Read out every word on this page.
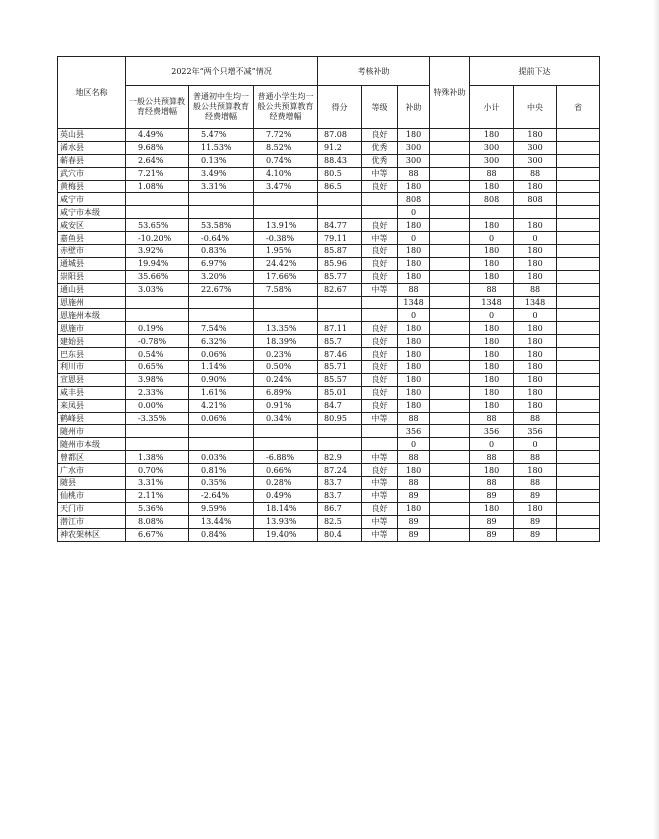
地区名称	2022年“两个只增不减”情况			考核补助			特殊补助	提前下达		
	一般公共预算教育经费增幅	普通初中生均一般公共预算教育经费增幅	普通小学生均一般公共预算教育经费增幅	得分	等级	补助		小计	中央	省
英山县	4.49%	5.47%	7.72%	87.08	良好	180		180	180	
浠水县	9.68%	11.53%	8.52%	91.2	优秀	300		300	300	
蕲春县	2.64%	0.13%	0.74%	88.43	优秀	300		300	300	
武穴市	7.21%	3.49%	4.10%	80.5	中等	88		88	88	
黄梅县	1.08%	3.31%	3.47%	86.5	良好	180		180	180	
咸宁市						808		808	808	
咸宁市本级						0				
咸安区	53.65%	53.58%	13.91%	84.77	良好	180		180	180	
嘉鱼县	-10.20%	-0.64%	-0.38%	79.11	中等	0		0	0	
赤壁市	3.92%	0.83%	1.95%	85.87	良好	180		180	180	
通城县	19.94%	6.97%	24.42%	85.96	良好	180		180	180	
崇阳县	35.66%	3.20%	17.66%	85.77	良好	180		180	180	
通山县	3.03%	22.67%	7.58%	82.67	中等	88		88	88	
恩施州						1348		1348	1348	
恩施州本级						0		0	0	
恩施市	0.19%	7.54%	13.35%	87.11	良好	180		180	180	
建始县	-0.78%	6.32%	18.39%	85.7	良好	180		180	180	
巴东县	0.54%	0.06%	0.23%	87.46	良好	180		180	180	
利川市	0.65%	1.14%	0.50%	85.71	良好	180		180	180	
宣恩县	3.98%	0.90%	0.24%	85.57	良好	180		180	180	
咸丰县	2.33%	1.61%	6.89%	85.01	良好	180		180	180	
来凤县	0.00%	4.21%	0.91%	84.7	良好	180		180	180	
鹤峰县	-3.35%	0.06%	0.34%	80.95	中等	88		88	88	
随州市						356		356	356	
随州市本级						0		0	0	
曾都区	1.38%	0.03%	-6.88%	82.9	中等	88		88	88	
广水市	0.70%	0.81%	0.66%	87.24	良好	180		180	180	
随县	3.31%	0.35%	0.28%	83.7	中等	88		88	88	
仙桃市	2.11%	-2.64%	0.49%	83.7	中等	89		89	89	
天门市	5.36%	9.59%	18.14%	86.7	良好	180		180	180	
潜江市	8.08%	13.44%	13.93%	82.5	中等	89		89	89	
神农架林区	6.67%	0.84%	19.40%	80.4	中等	89		89	89	
